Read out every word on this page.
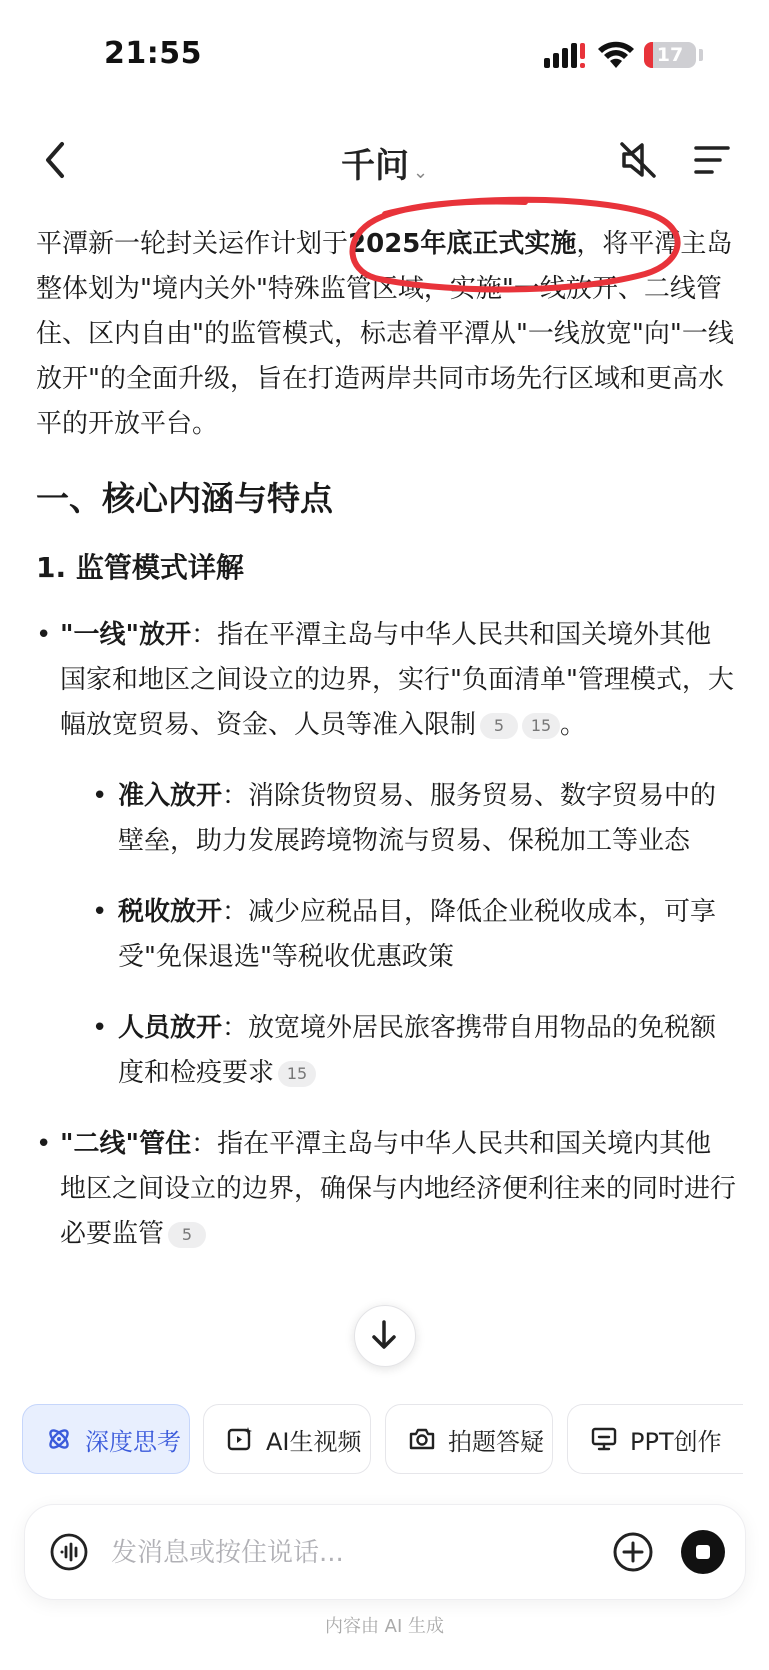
21:55	17
千问 ⌄

平潭新一轮封关运作计划于2025年底正式实施，将平潭主岛整体划为"境内关外"特殊监管区域，实施"一线放开、二线管住、区内自由"的监管模式，标志着平潭从"一线放宽"向"一线放开"的全面升级，旨在打造两岸共同市场先行区域和更高水平的开放平台。

一、核心内涵与特点
1. 监管模式详解
• "一线"放开：指在平潭主岛与中华人民共和国关境外其他国家和地区之间设立的边界，实行"负面清单"管理模式，大幅放宽贸易、资金、人员等准入限制 5 15 。
• 准入放开：消除货物贸易、服务贸易、数字贸易中的壁垒，助力发展跨境物流与贸易、保税加工等业态
• 税收放开：减少应税品目，降低企业税收成本，可享受"免保退选"等税收优惠政策
• 人员放开：放宽境外居民旅客携带自用物品的免税额度和检疫要求 15
• "二线"管住：指在平潭主岛与中华人民共和国关境内其他地区之间设立的边界，确保与内地经济便利往来的同时进行必要监管 5
深度思考	AI生视频	拍题答疑	PPT创作
发消息或按住说话...
内容由 AI 生成
